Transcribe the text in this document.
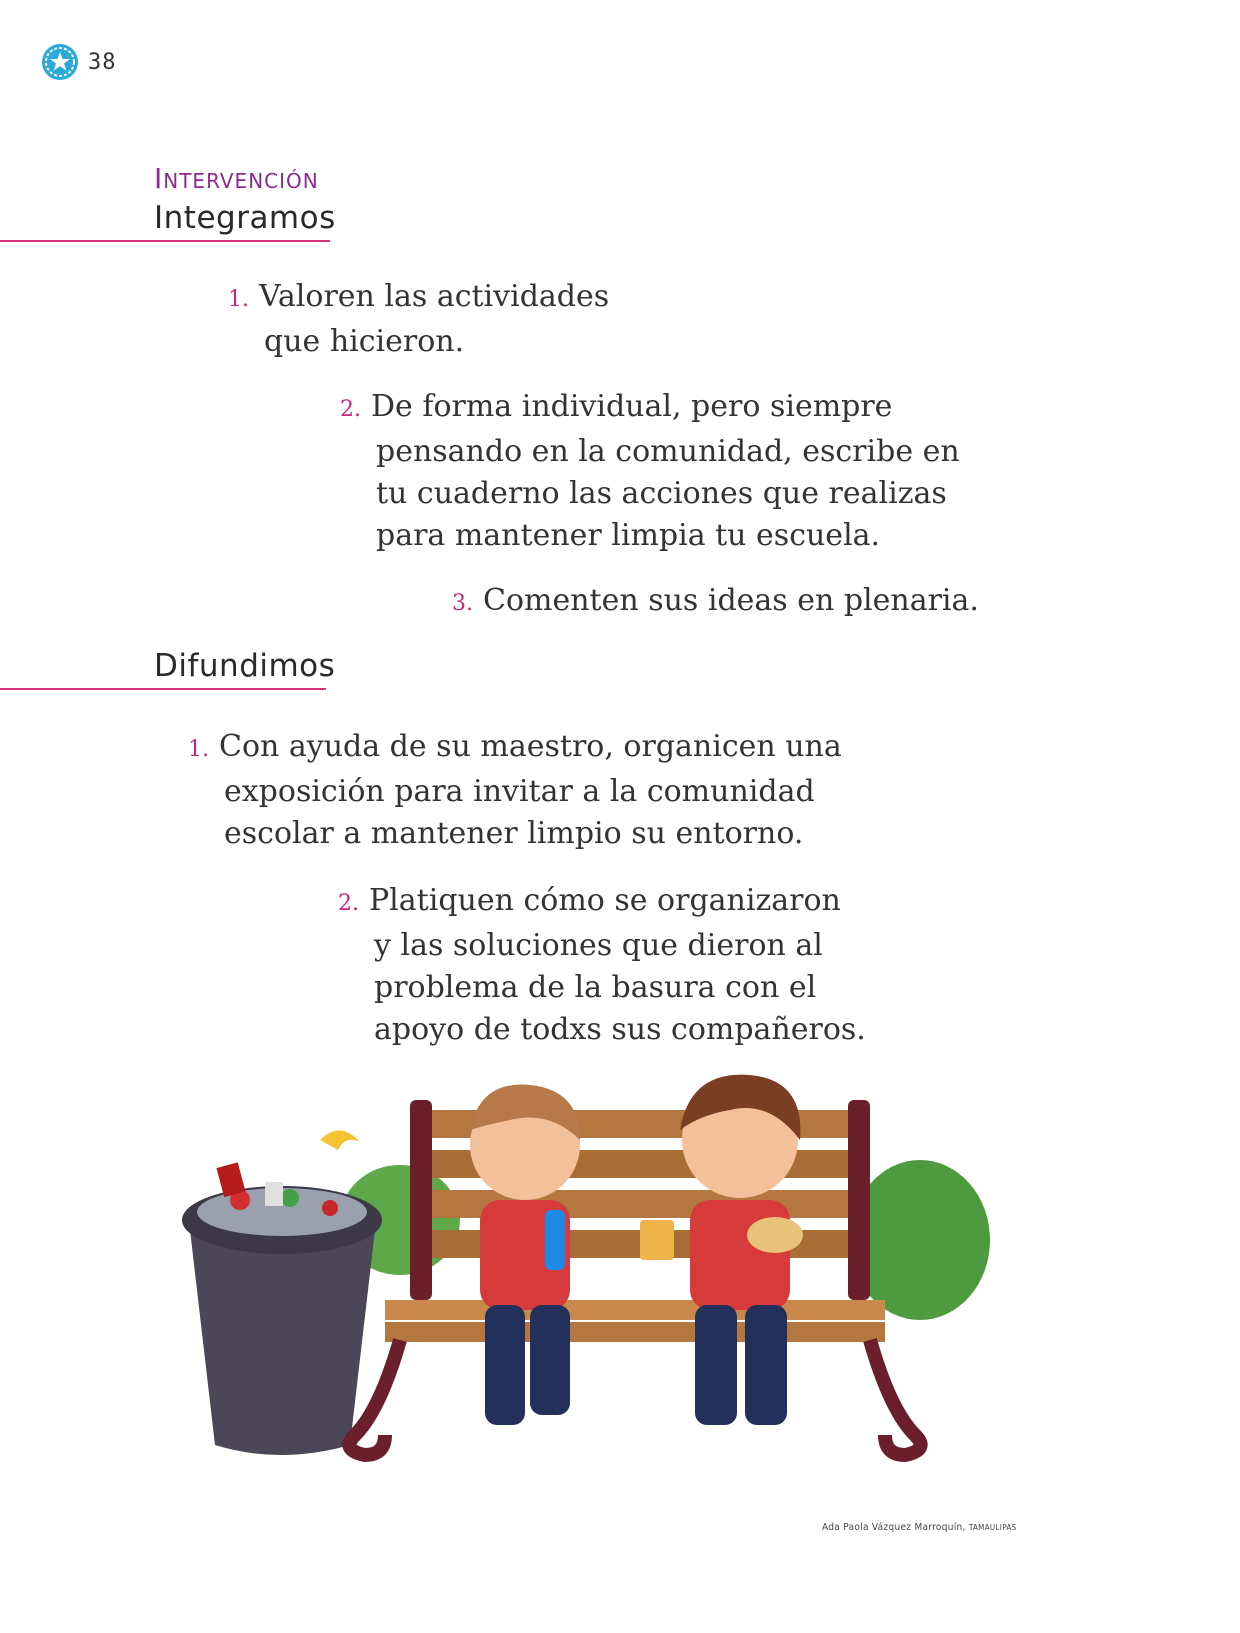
38
Intervención
Integramos
1. Valoren las actividades
que hicieron.
2. De forma individual, pero siempre
pensando en la comunidad, escribe en
tu cuaderno las acciones que realizas
para mantener limpia tu escuela.
3. Comenten sus ideas en plenaria.
Difundimos
1. Con ayuda de su maestro, organicen una
exposición para invitar a la comunidad
escolar a mantener limpio su entorno.
2. Platiquen cómo se organizaron
y las soluciones que dieron al
problema de la basura con el
apoyo de todxs sus compañeros.
Ada Paola Vázquez Marroquín, TAMAULIPAS
